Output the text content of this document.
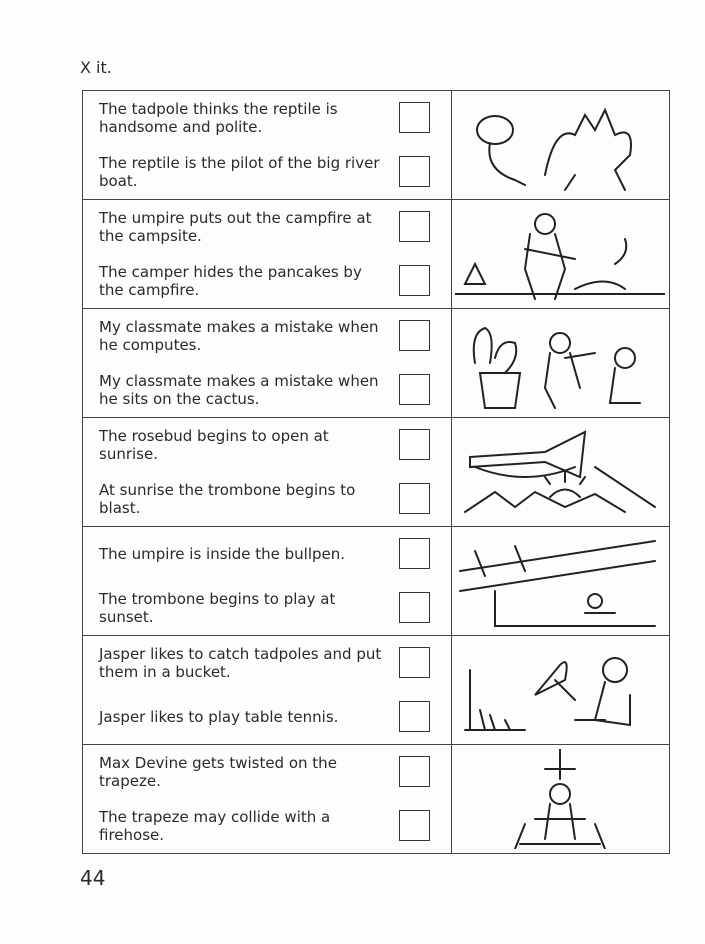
X it.
The tadpole thinks the reptile is handsome and polite.
The reptile is the pilot of the big river boat.
The umpire puts out the campfire at the campsite.
The camper hides the pancakes by the campfire.
My classmate makes a mistake when he computes.
My classmate makes a mistake when he sits on the cactus.
The rosebud begins to open at sunrise.
At sunrise the trombone begins to blast.
The umpire is inside the bullpen.
The trombone begins to play at sunset.
Jasper likes to catch tadpoles and put them in a bucket.
Jasper likes to play table tennis.
Max Devine gets twisted on the trapeze.
The trapeze may collide with a firehose.
44
